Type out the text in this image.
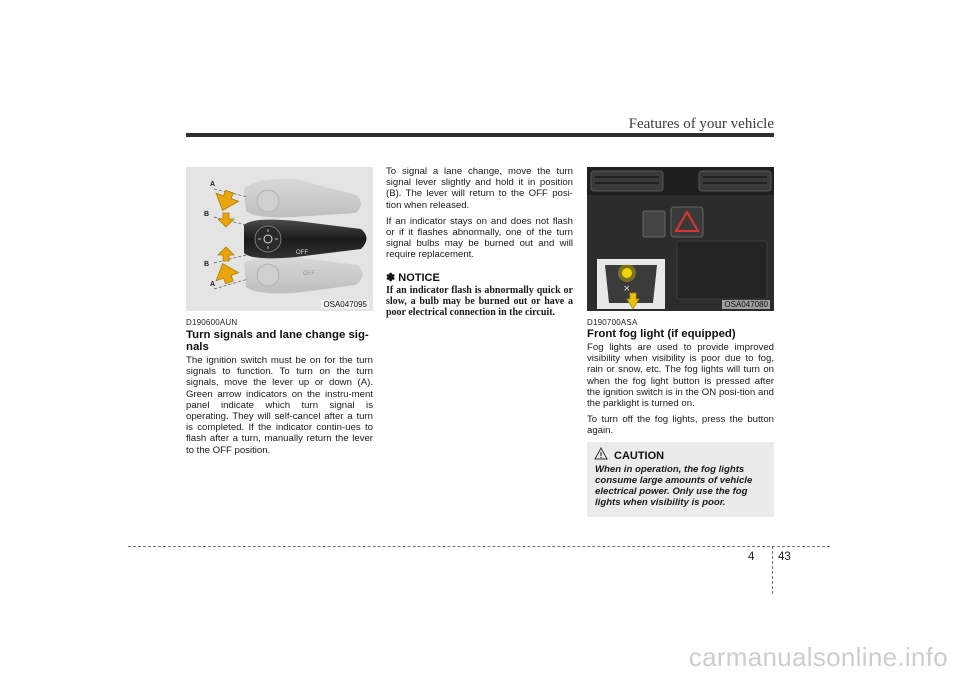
Features of your vehicle
A
B
B
A
OFF
OFF
OSA047095
D190600AUN
Turn signals and lane change sig-nals

The ignition switch must be on for the turn signals to function. To turn on the turn signals, move the lever up or down (A). Green arrow indicators on the instru-ment panel indicate which turn signal is operating. They will self-cancel after a turn is completed. If the indicator contin-ues to flash after a turn, manually return the lever to the OFF position.

To signal a lane change, move the turn signal lever slightly and hold it in position (B). The lever will return to the OFF posi-tion when released.

If an indicator stays on and does not flash or if it flashes abnormally, one of the turn signal bulbs may be burned out and will require replacement.

✽ NOTICE
If an indicator flash is abnormally quick or slow, a bulb may be burned out or have a poor electrical connection in the circuit.
⨯
OSA047080
D190700ASA
Front fog light (if equipped)

Fog lights are used to provide improved visibility when visibility is poor due to fog, rain or snow, etc. The fog lights will turn on when the fog light button is pressed after the ignition switch is in the ON posi-tion and the parklight is turned on.

To turn off the fog lights, press the button again.

CAUTION
When in operation, the fog lights consume large amounts of vehicle electrical power. Only use the fog lights when visibility is poor.
4 43
carmanualsonline.info
